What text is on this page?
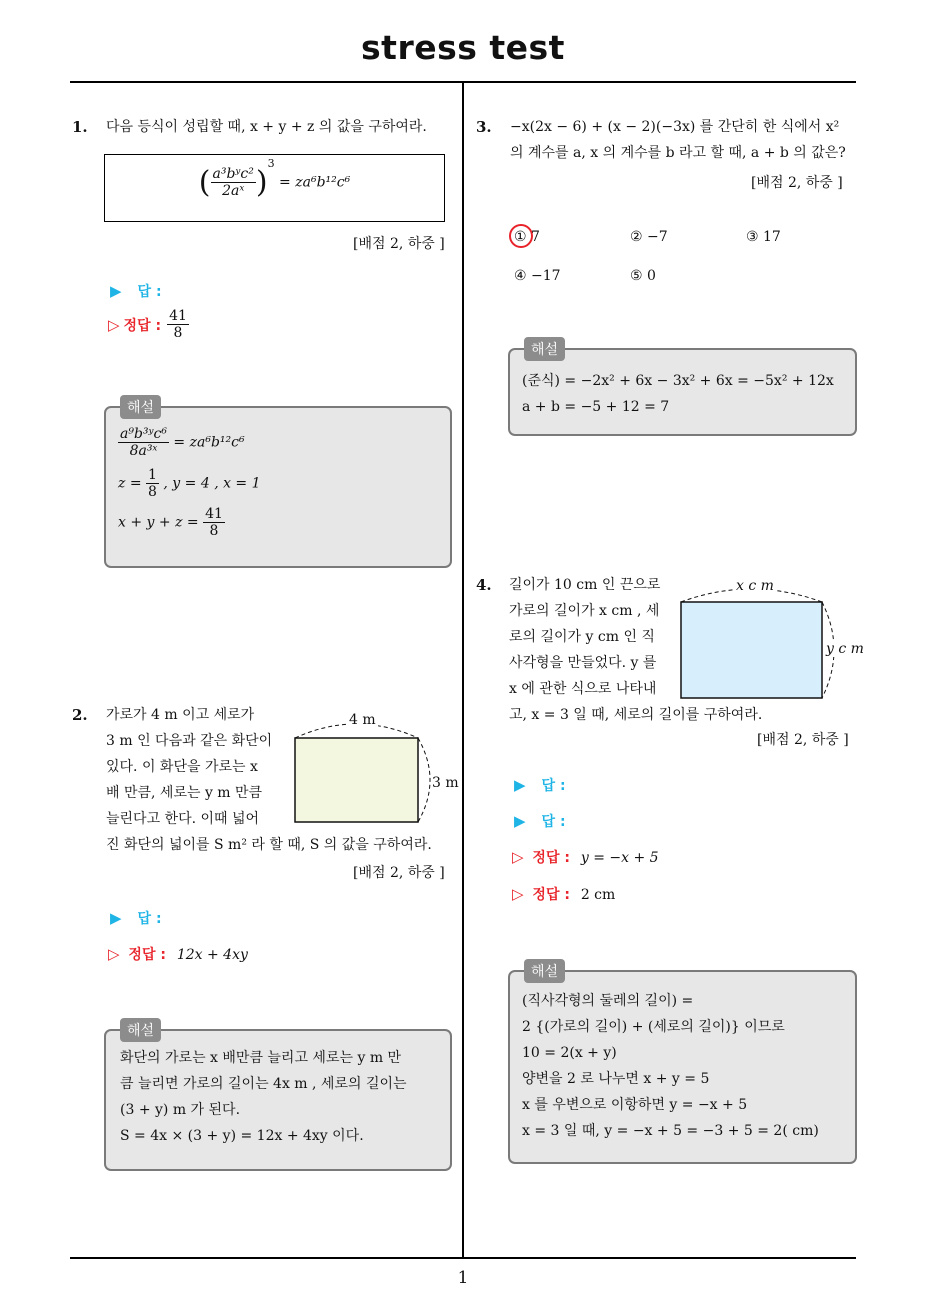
stress test
1
1. 다음 등식이 성립할 때, x + y + z 의 값을 구하여라.
( $\frac{\text{a³bʸc²}}{\text{2aˣ}} )^3 = za^6b^{12}c^6$
[배점 2, 하중 ]
▶ 답 :
▷ 정답 : $\frac{41}{8}$
$\frac{\text{a⁹b³ʸc⁶}}{\text{8a³ˣ}} = za^6b^{12}c^6$
$z = \frac{1}{8}$ , y = 4 , x = 1
$x + y + z = \frac{41}{8}$
해설
2. 가로가 4 m 이고 세로가
3 m 인 다음과 같은 화단이
있다. 이 화단을 가로는 x
배 만큼, 세로는 y m 만큼
늘린다고 한다. 이때 넓어
진 화단의 넓이를 S m² 라 할 때, S 의 값을 구하여라.
4 m
3 m
[배점 2, 하중 ]
▶ 답 :
▷ 정답 : 12x + 4xy
화단의 가로는 x 배만큼 늘리고 세로는 y m 만
큼 늘리면 가로의 길이는 4x m , 세로의 길이는
(3 + y) m 가 된다.
S = 4x × (3 + y) = 12x + 4xy 이다.
해설
3. −x(2x − 6) + (x − 2)(−3x) 를 간단히 한 식에서 x²
의 계수를 a, x 의 계수를 b 라고 할 때, a + b 의 값은?
[배점 2, 하중 ]
① 7	② −7	③ 17
④ −17	⑤ 0
(준식) = −2x² + 6x − 3x² + 6x = −5x² + 12x
a + b = −5 + 12 = 7
해설
4. 길이가 10 cm 인 끈으로
가로의 길이가 x cm , 세
로의 길이가 y cm 인 직
사각형을 만들었다. y 를
x 에 관한 식으로 나타내
고, x = 3 일 때, 세로의 길이를 구하여라.
x c m
y c m
[배점 2, 하중 ]
▶ 답 :
▶ 답 :
▷ 정답 : y = −x + 5
▷ 정답 : 2 cm
(직사각형의 둘레의 길이) =
2 {(가로의 길이) + (세로의 길이)} 이므로
10 = 2(x + y)
양변을 2 로 나누면 x + y = 5
x 를 우변으로 이항하면 y = −x + 5
x = 3 일 때, y = −x + 5 = −3 + 5 = 2( cm)
해설
